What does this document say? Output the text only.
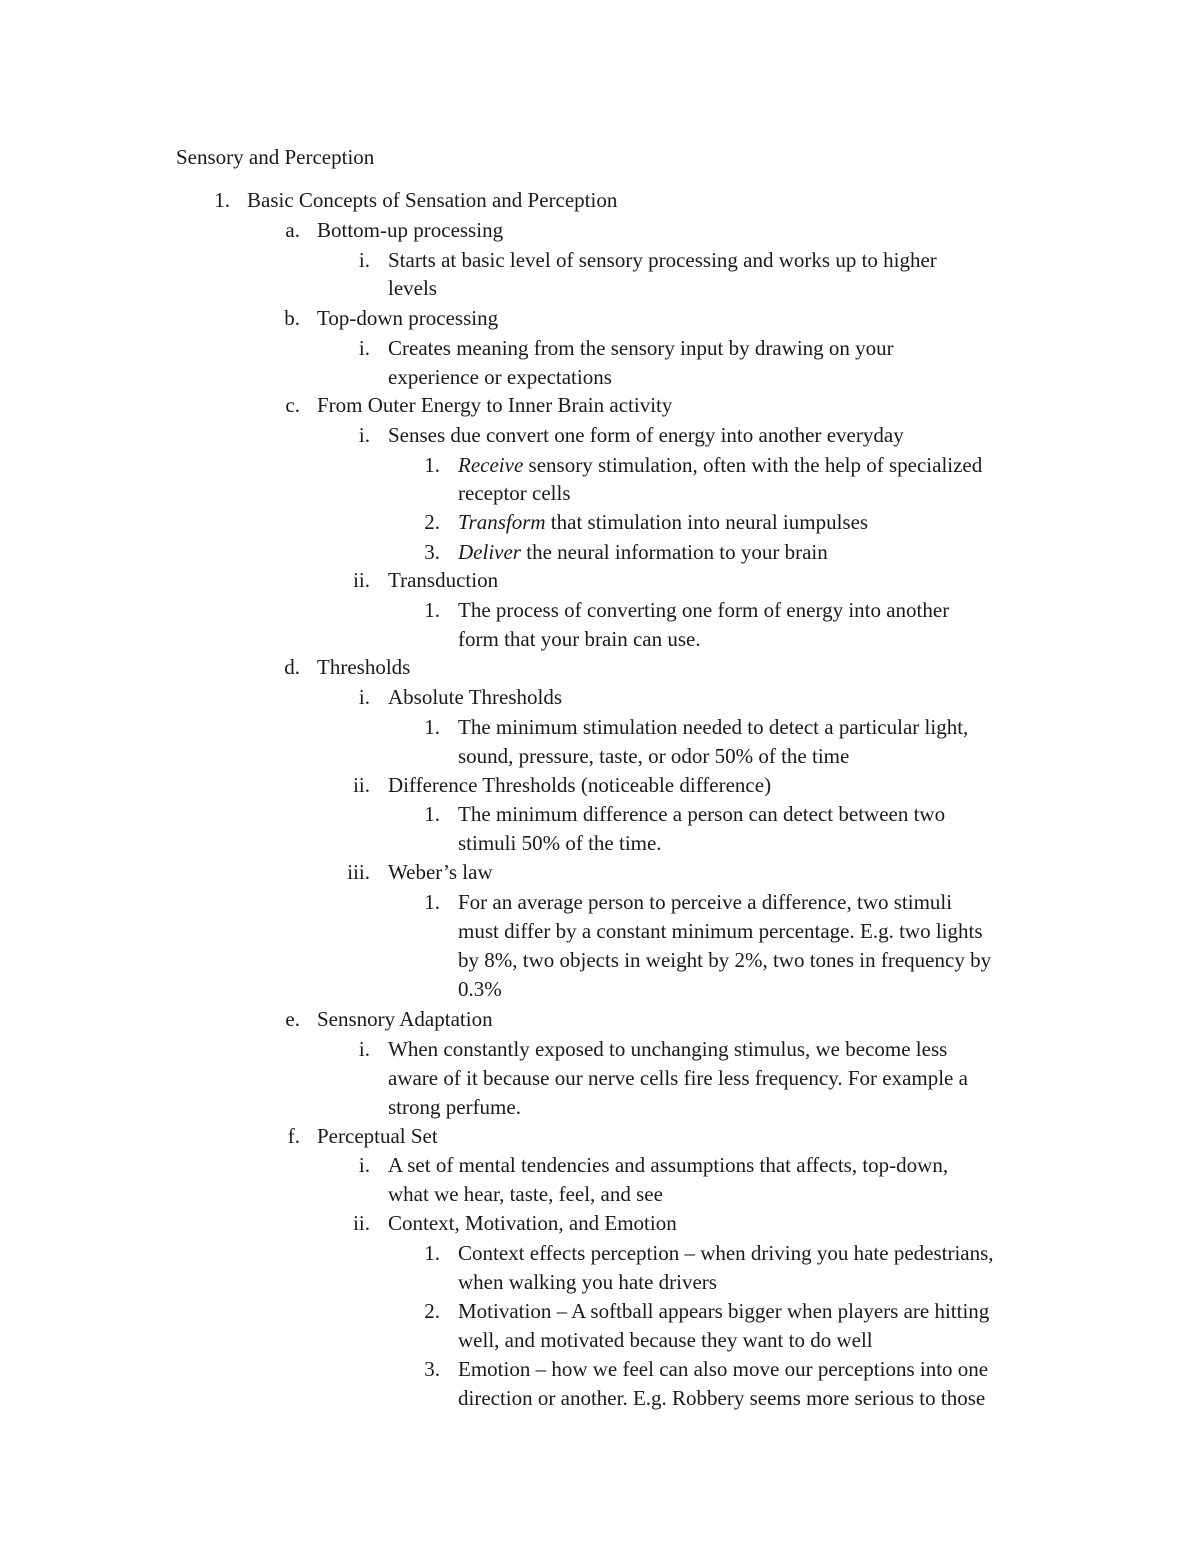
Sensory and Perception
1. Basic Concepts of Sensation and Perception
a. Bottom-up processing
i. Starts at basic level of sensory processing and works up to higher
levels
b. Top-down processing
i. Creates meaning from the sensory input by drawing on your
experience or expectations
c. From Outer Energy to Inner Brain activity
i. Senses due convert one form of energy into another everyday
1. Receive sensory stimulation, often with the help of specialized
receptor cells
2. Transform that stimulation into neural iumpulses
3. Deliver the neural information to your brain
ii. Transduction
1. The process of converting one form of energy into another
form that your brain can use.
d. Thresholds
i. Absolute Thresholds
1. The minimum stimulation needed to detect a particular light,
sound, pressure, taste, or odor 50% of the time
ii. Difference Thresholds (noticeable difference)
1. The minimum difference a person can detect between two
stimuli 50% of the time.
iii. Weber’s law
1. For an average person to perceive a difference, two stimuli
must differ by a constant minimum percentage. E.g. two lights
by 8%, two objects in weight by 2%, two tones in frequency by
0.3%
e. Sensnory Adaptation
i. When constantly exposed to unchanging stimulus, we become less
aware of it because our nerve cells fire less frequency. For example a
strong perfume.
f. Perceptual Set
i. A set of mental tendencies and assumptions that affects, top-down,
what we hear, taste, feel, and see
ii. Context, Motivation, and Emotion
1. Context effects perception – when driving you hate pedestrians,
when walking you hate drivers
2. Motivation – A softball appears bigger when players are hitting
well, and motivated because they want to do well
3. Emotion – how we feel can also move our perceptions into one
direction or another. E.g. Robbery seems more serious to those
